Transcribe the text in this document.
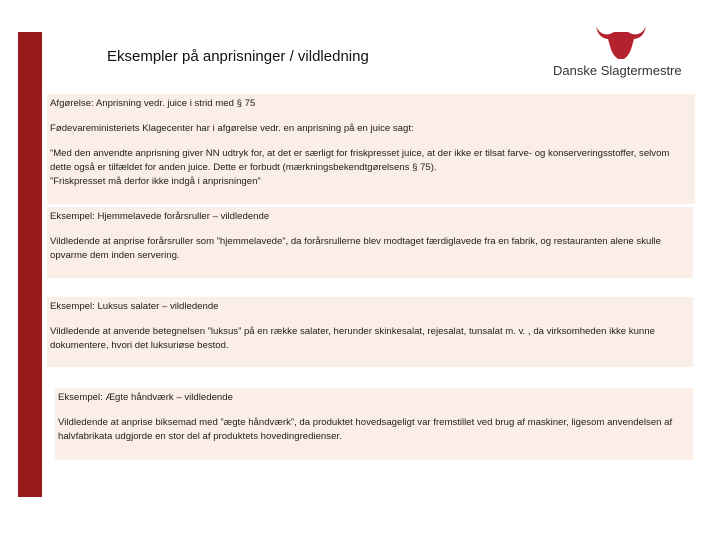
Eksempler på anprisninger / vildledning
Danske Slagtermestre

Afgørelse: Anprisning vedr. juice i strid med § 75

Fødevareministeriets Klagecenter har i afgørelse vedr. en anprisning på en juice sagt:

”Med den anvendte anprisning giver NN udtryk for, at det er særligt for friskpresset juice, at der ikke er tilsat farve- og konserveringsstoffer, selvom dette også er tilfældet for anden juice. Dette er forbudt (mærkningsbekendtgørelsens § 75).

”Friskpresset må derfor ikke indgå i anprisningen”

Eksempel: Hjemmelavede forårsruller – vildledende

Vildledende at anprise forårsruller som ”hjemmelavede”, da forårsrullerne blev modtaget færdiglavede fra en fabrik, og restauranten alene skulle opvarme dem inden servering.

Eksempel: Luksus salater – vildledende

Vildledende at anvende betegnelsen ”luksus” på en række salater, herunder skinkesalat, rejesalat, tunsalat m. v. , da virksomheden ikke kunne dokumentere, hvori det luksuriøse bestod.

Eksempel: Ægte håndværk – vildledende

Vildledende at anprise biksemad med ”ægte håndværk”, da produktet hovedsageligt var fremstillet ved brug af maskiner, ligesom anvendelsen af halvfabrikata udgjorde en stor del af produktets hovedingredienser.
